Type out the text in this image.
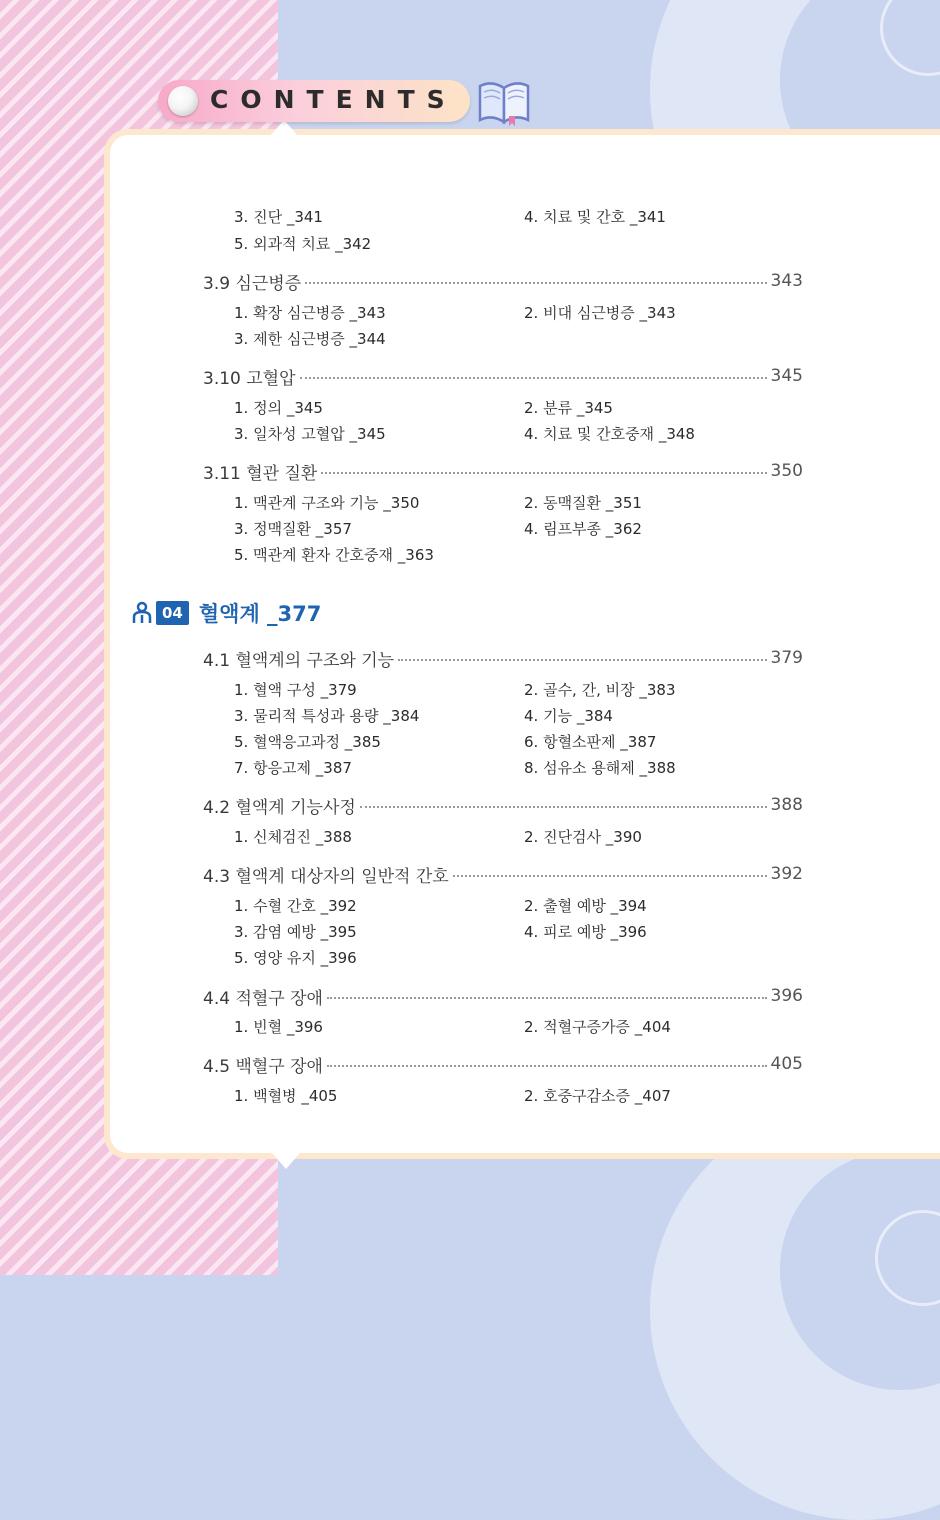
CONTENTS
3. 진단 _341	4. 치료 및 간호 _341
5. 외과적 치료 _342
3.9 심근병증	343
1. 확장 심근병증 _343	2. 비대 심근병증 _343
3. 제한 심근병증 _344
3.10 고혈압	345
1. 정의 _345	2. 분류 _345
3. 일차성 고혈압 _345	4. 치료 및 간호중재 _348
3.11 혈관 질환	350
1. 맥관계 구조와 기능 _350	2. 동맥질환 _351
3. 정맥질환 _357	4. 림프부종 _362
5. 맥관계 환자 간호중재 _363
04 혈액계 _377
4.1 혈액계의 구조와 기능	379
1. 혈액 구성 _379	2. 골수, 간, 비장 _383
3. 물리적 특성과 용량 _384	4. 기능 _384
5. 혈액응고과정 _385	6. 항혈소판제 _387
7. 항응고제 _387	8. 섬유소 용해제 _388
4.2 혈액계 기능사정	388
1. 신체검진 _388	2. 진단검사 _390
4.3 혈액계 대상자의 일반적 간호	392
1. 수혈 간호 _392	2. 출혈 예방 _394
3. 감염 예방 _395	4. 피로 예방 _396
5. 영양 유지 _396
4.4 적혈구 장애	396
1. 빈혈 _396	2. 적혈구증가증 _404
4.5 백혈구 장애	405
1. 백혈병 _405	2. 호중구감소증 _407
